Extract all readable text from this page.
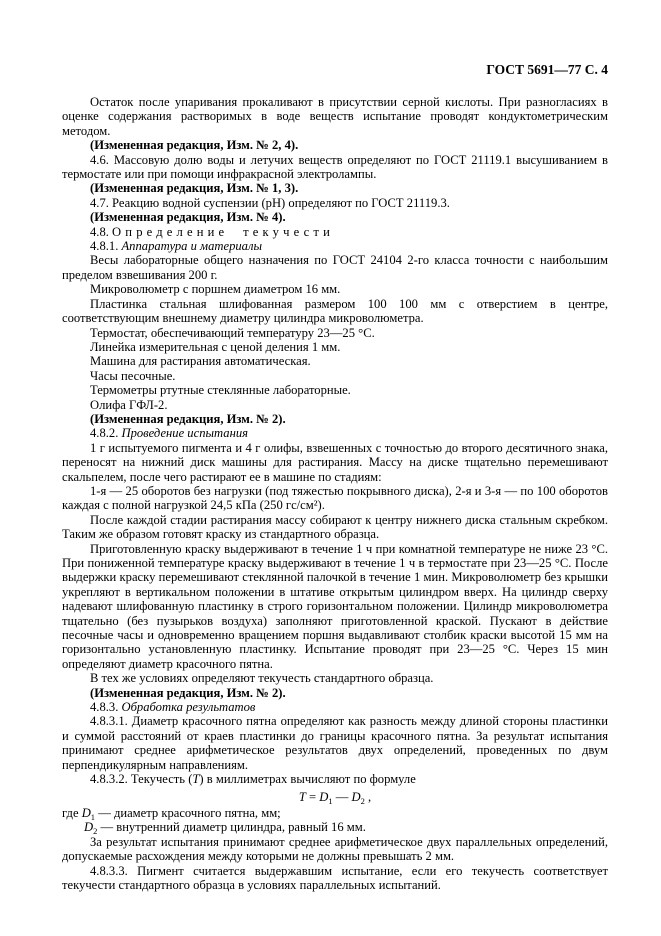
ГОСТ 5691—77 С. 4

Остаток после упаривания прокаливают в присутствии серной кислоты. При разногласиях в оценке содержания растворимых в воде веществ испытание проводят кондуктометрическим методом.

(Измененная редакция, Изм. № 2, 4).

4.6. Массовую долю воды и летучих веществ определяют по ГОСТ 21119.1 высушиванием в термостате или при помощи инфракрасной электролампы.

(Измененная редакция, Изм. № 1, 3).

4.7. Реакцию водной суспензии (рН) определяют по ГОСТ 21119.3.

(Измененная редакция, Изм. № 4).

4.8. Определение текучести

4.8.1. Аппаратура и материалы

Весы лабораторные общего назначения по ГОСТ 24104 2-го класса точности с наибольшим пределом взвешивания 200 г.

Микроволюметр с поршнем диаметром 16 мм.

Пластинка стальная шлифованная размером 100 100 мм с отверстием в центре, соответствующим внешнему диаметру цилиндра микроволюметра.

Термостат, обеспечивающий температуру 23—25 °С.

Линейка измерительная с ценой деления 1 мм.

Машина для растирания автоматическая.

Часы песочные.

Термометры ртутные стеклянные лабораторные.

Олифа ГФЛ-2.

(Измененная редакция, Изм. № 2).

4.8.2. Проведение испытания

1 г испытуемого пигмента и 4 г олифы, взвешенных с точностью до второго десятичного знака, переносят на нижний диск машины для растирания. Массу на диске тщательно перемешивают скальпелем, после чего растирают ее в машине по стадиям:

1-я — 25 оборотов без нагрузки (под тяжестью покрывного диска), 2-я и 3-я — по 100 оборотов каждая с полной нагрузкой 24,5 кПа (250 гс/см²).

После каждой стадии растирания массу собирают к центру нижнего диска стальным скребком. Таким же образом готовят краску из стандартного образца.

Приготовленную краску выдерживают в течение 1 ч при комнатной температуре не ниже 23 °С. При пониженной температуре краску выдерживают в течение 1 ч в термостате при 23—25 °С. После выдержки краску перемешивают стеклянной палочкой в течение 1 мин. Микроволюметр без крышки укрепляют в вертикальном положении в штативе открытым цилиндром вверх. На цилиндр сверху надевают шлифованную пластинку в строго горизонтальном положении. Цилиндр микроволюметра тщательно (без пузырьков воздуха) заполняют приготовленной краской. Пускают в действие песочные часы и одновременно вращением поршня выдавливают столбик краски высотой 15 мм на горизонтально установленную пластинку. Испытание проводят при 23—25 °С. Через 15 мин определяют диаметр красочного пятна.

В тех же условиях определяют текучесть стандартного образца.

(Измененная редакция, Изм. № 2).

4.8.3. Обработка результатов

4.8.3.1. Диаметр красочного пятна определяют как разность между длиной стороны пластинки и суммой расстояний от краев пластинки до границы красочного пятна. За результат испытания принимают среднее арифметическое результатов двух определений, проведенных по двум перпендикулярным направлениям.

4.8.3.2. Текучесть (Т) в миллиметрах вычисляют по формуле

$Т = D_1$ — $D_2$ ,

где $D_1$ — диаметр красочного пятна, мм;

$D_2$ — внутренний диаметр цилиндра, равный 16 мм.

За результат испытания принимают среднее арифметическое двух параллельных определений, допускаемые расхождения между которыми не должны превышать 2 мм.

4.8.3.3. Пигмент считается выдержавшим испытание, если его текучесть соответствует текучести стандартного образца в условиях параллельных испытаний.
